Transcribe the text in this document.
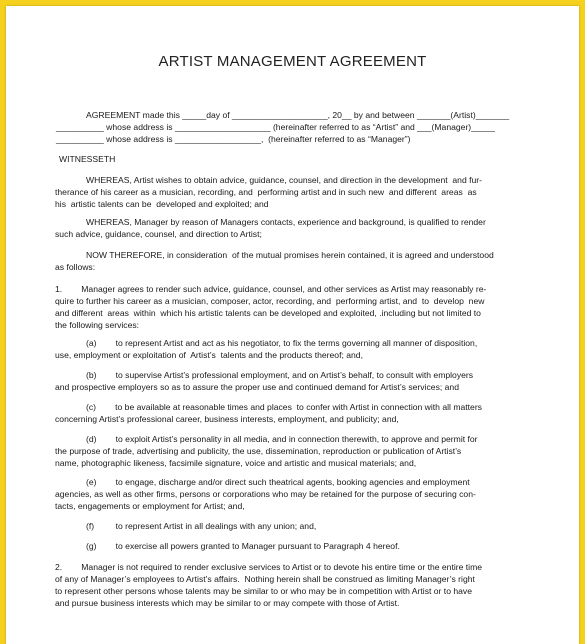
ARTIST MANAGEMENT AGREEMENT
AGREEMENT made this _____day of ____________________, 20__ by and between _______(Artist)_______
__________ whose address is ____________________ (hereinafter referred to as “Artist” and ___(Manager)_____
__________ whose address is __________________,  (hereinafter referred to as “Manager”)
WITNESSETH
WHEREAS, Artist wishes to obtain advice, guidance, counsel, and direction in the development  and fur-
therance of his career as a musician, recording, and  performing artist and in such new  and different  areas  as
his  artistic talents can be  developed and exploited; and
WHEREAS, Manager by reason of Managers contacts, experience and background, is qualified to render
such advice, guidance, counsel, and direction to Artist;
NOW THEREFORE, in consideration  of the mutual promises herein contained, it is agreed and understood
as follows:
1.        Manager agrees to render such advice, guidance, counsel, and other services as Artist may reasonably re-
quire to further his career as a musician, composer, actor, recording, and  performing artist, and  to  develop  new
and different  areas  within  which his artistic talents can be developed and exploited, .including but not limited to
the following services:
(a)        to represent Artist and act as his negotiator, to fix the terms governing all manner of disposition,
use, employment or exploitation of  Artist’s  talents and the products thereof; and,
(b)        to supervise Artist’s professional employment, and on Artist’s behalf, to consult with employers
and prospective employers so as to assure the proper use and continued demand for Artist’s services; and
(c)        to be available at reasonable times and places  to confer with Artist in connection with all matters
concerning Artist’s professional career, business interests, employment, and publicity; and,
(d)        to exploit Artist’s personality in all media, and in connection therewith, to approve and permit for
the purpose of trade, advertising and publicity, the use, dissemination, reproduction or publication of Artist’s
name, photographic likeness, facsimile signature, voice and artistic and musical materials; and,
(e)        to engage, discharge and/or direct such theatrical agents, booking agencies and employment
agencies, as well as other firms, persons or corporations who may be retained for the purpose of securing con-
tacts, engagements or employment for Artist; and,
(f)         to represent Artist in all dealings with any union; and,
(g)        to exercise all powers granted to Manager pursuant to Paragraph 4 hereof.
2.        Manager is not required to render exclusive services to Artist or to devote his entire time or the entire time
of any of Manager’s employees to Artist’s affairs.  Nothing herein shall be construed as limiting Manager’s right
to represent other persons whose talents may be similar to or who may be in competition with Artist or to have
and pursue business interests which may be similar to or may compete with those of Artist.
